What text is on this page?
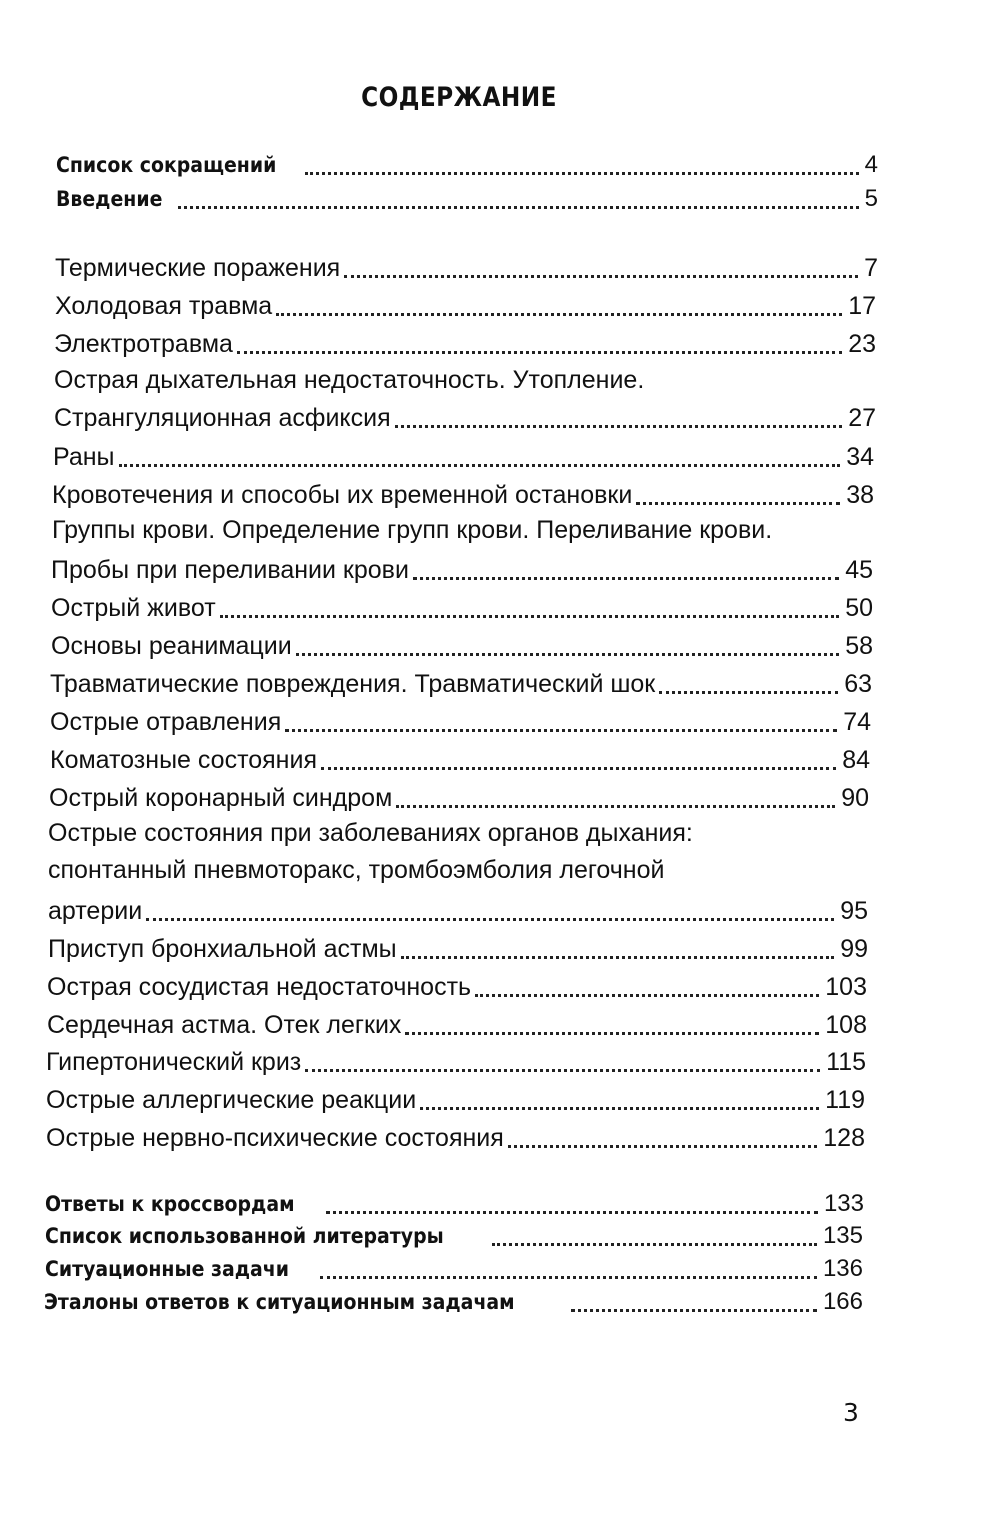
СОДЕРЖАНИЕ
Список сокращений	4
Введение	5
Термические поражения	7
Холодовая травма	17
Электротравма	23
Острая дыхательная недостаточность. Утопление.
Странгуляционная асфиксия	27
Раны	34
Кровотечения и способы их временной остановки	38
Группы крови. Определение групп крови. Переливание крови.
Пробы при переливании крови	45
Острый живот	50
Основы реанимации	58
Травматические повреждения. Травматический шок	63
Острые отравления	74
Коматозные состояния	84
Острый коронарный синдром	90
Острые состояния при заболеваниях органов дыхания:
спонтанный пневмоторакс, тромбоэмболия легочной
артерии	95
Приступ бронхиальной астмы	99
Острая сосудистая недостаточность	103
Сердечная астма. Отек легких	108
Гипертонический криз	115
Острые аллергические реакции	119
Острые нервно-психические состояния	128
Ответы к кроссвордам	133
Список использованной литературы	135
Ситуационные задачи	136
Эталоны ответов к ситуационным задачам	166
3
